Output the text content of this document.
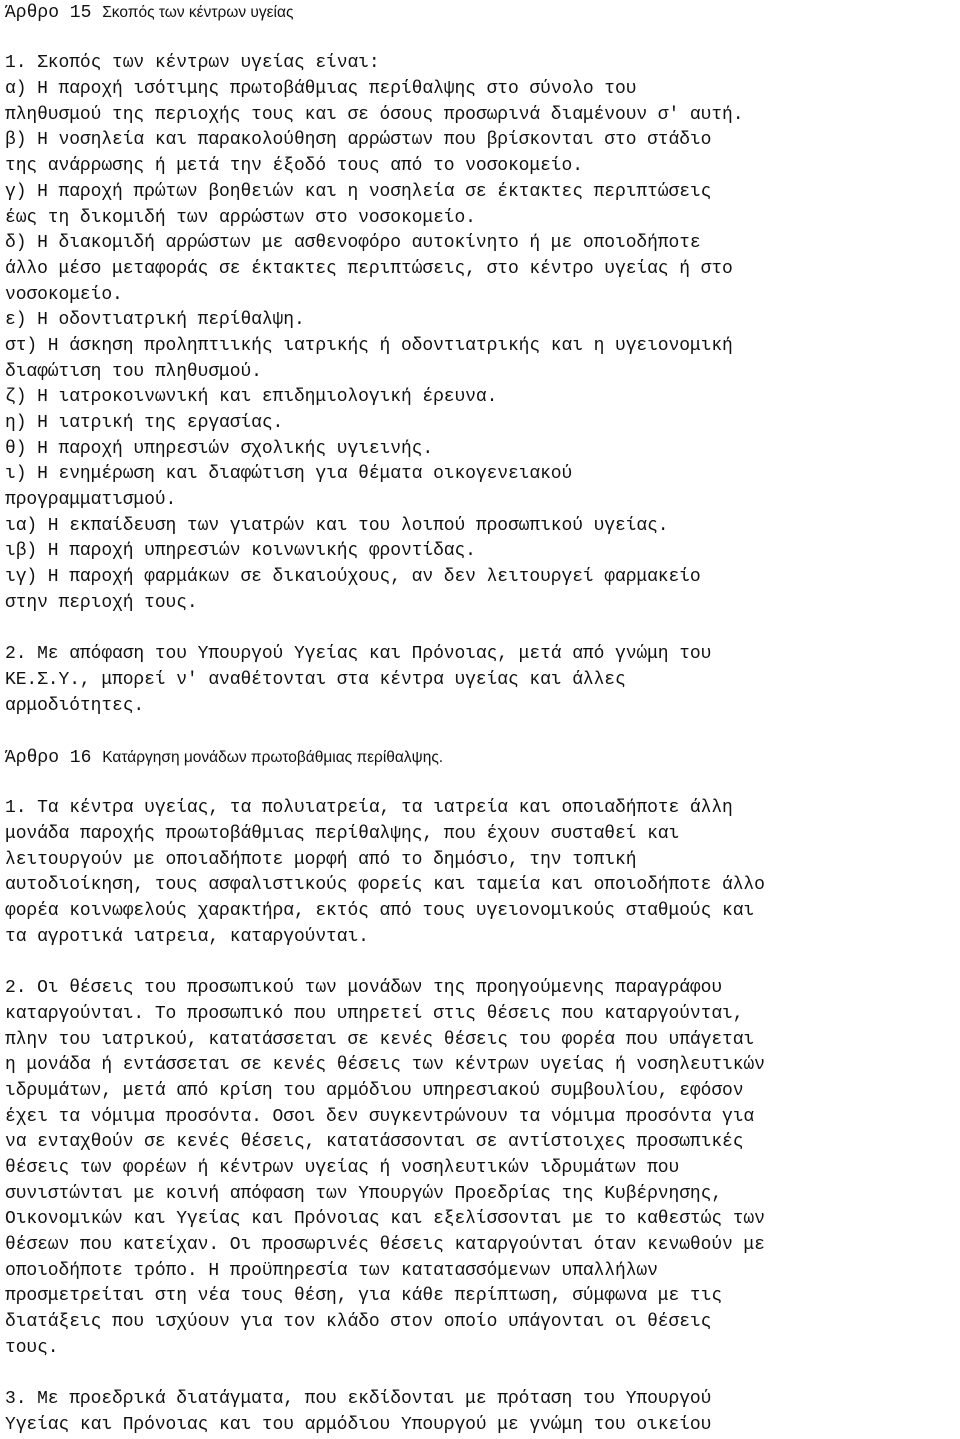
Άρθρο 15 Σκοπός των κέντρων υγείας
1. Σκοπός των κέντρων υγείας είναι:
α) Η παροχή ισότιμης πρωτοβάθμιας περίθαλψης στο σύνολο του
πληθυσμού της περιοχής τους και σε όσους προσωρινά διαμένουν σ' αυτή.
β) Η νοσηλεία και παρακολούθηση αρρώστων που βρίσκονται στο στάδιο
της ανάρρωσης ή μετά την έξοδό τους από το νοσοκομείο.
γ) Η παροχή πρώτων βοηθειών και η νοσηλεία σε έκτακτες περιπτώσεις
έως τη δικομιδή των αρρώστων στο νοσοκομείο.
δ) Η διακομιδή αρρώστων με ασθενοφόρο αυτοκίνητο ή με οποιοδήποτε
άλλο μέσο μεταφοράς σε έκτακτες περιπτώσεις, στο κέντρο υγείας ή στο
νοσοκομείο.
ε) Η οδοντιατρική περίθαλψη.
στ) Η άσκηση προληπτιικής ιατρικής ή οδοντιατρικής και η υγειονομική
διαφώτιση του πληθυσμού.
ζ) Η ιατροκοινωνική και επιδημιολογική έρευνα.
η) Η ιατρική της εργασίας.
θ) Η παροχή υπηρεσιών σχολικής υγιεινής.
ι) Η ενημέρωση και διαφώτιση για θέματα οικογενειακού
προγραμματισμού.
ια) Η εκπαίδευση των γιατρών και του λοιπού προσωπικού υγείας.
ιβ) Η παροχή υπηρεσιών κοινωνικής φροντίδας.
ιγ) Η παροχή φαρμάκων σε δικαιούχους, αν δεν λειτουργεί φαρμακείο
στην περιοχή τους.
2. Με απόφαση του Υπουργού Υγείας και Πρόνοιας, μετά από γνώμη του
ΚΕ.Σ.Υ., μπορεί ν' αναθέτονται στα κέντρα υγείας και άλλες
αρμοδιότητες.
Άρθρο 16 Κατάργηση μονάδων πρωτοβάθμιας περίθαλψης.
1. Τα κέντρα υγείας, τα πολυιατρεία, τα ιατρεία και οποιαδήποτε άλλη
μονάδα παροχής προωτοβάθμιας περίθαλψης, που έχουν συσταθεί και
λειτουργούν με οποιαδήποτε μορφή από το δημόσιο, την τοπική
αυτοδιοίκηση, τους ασφαλιστικούς φορείς και ταμεία και οποιοδήποτε άλλο
φορέα κοινωφελούς χαρακτήρα, εκτός από τους υγειονομικούς σταθμούς και
τα αγροτικά ιατρεια, καταργούνται.
2. Οι θέσεις του προσωπικού των μονάδων της προηγούμενης παραγράφου
καταργούνται. Το προσωπικό που υπηρετεί στις θέσεις που καταργούνται,
πλην του ιατρικού, κατατάσσεται σε κενές θέσεις του φορέα που υπάγεται
η μονάδα ή εντάσσεται σε κενές θέσεις των κέντρων υγείας ή νοσηλευτικών
ιδρυμάτων, μετά από κρίση του αρμόδιου υπηρεσιακού συμβουλίου, εφόσον
έχει τα νόμιμα προσόντα. Οσοι δεν συγκεντρώνουν τα νόμιμα προσόντα για
να ενταχθούν σε κενές θέσεις, κατατάσσονται σε αντίστοιχες προσωπικές
θέσεις των φορέων ή κέντρων υγείας ή νοσηλευτικών ιδρυμάτων που
συνιστώνται με κοινή απόφαση των Υπουργών Προεδρίας της Κυβέρνησης,
Οικονομικών και Υγείας και Πρόνοιας και εξελίσσονται με το καθεστώς των
θέσεων που κατείχαν. Οι προσωρινές θέσεις καταργούνται όταν κενωθούν με
οποιοδήποτε τρόπο. Η προϋπηρεσία των κατατασσόμενων υπαλλήλων
προσμετρείται στη νέα τους θέση, για κάθε περίπτωση, σύμφωνα με τις
διατάξεις που ισχύουν για τον κλάδο στον οποίο υπάγονται οι θέσεις
τους.
3. Με προεδρικά διατάγματα, που εκδίδονται με πρόταση του Υπουργού
Υγείας και Πρόνοιας και του αρμόδιου Υπουργού με γνώμη του οικείου
